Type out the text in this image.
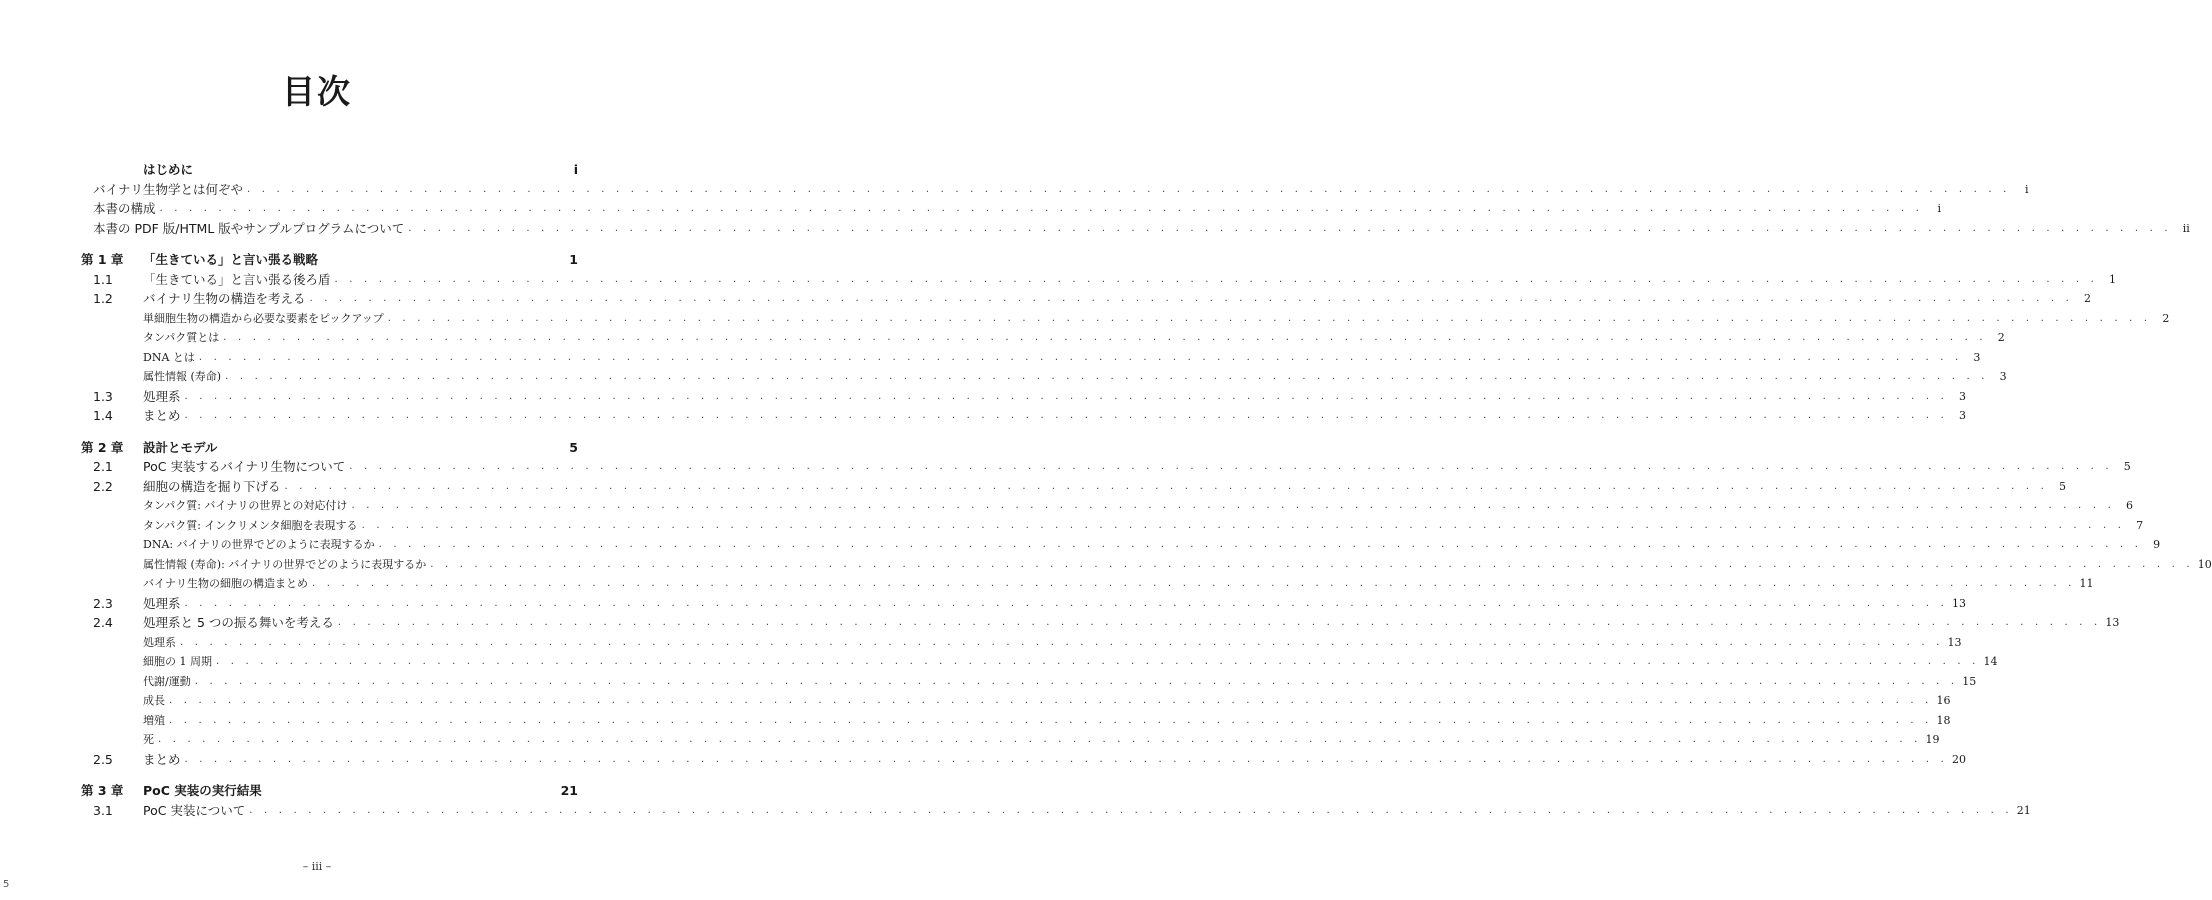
目次
はじめに	i
バイナリ生物学とは何ぞや . . . . . . . . . . . . . . . . . . . . . . . . . . . . . . . . . . . . . . . . . . . . . . . . . . . . . . . . . . . . . . . . . . . . . . . . . . . . . . . . . . . . . . . . . . . . . . . . . . . . . . . . . . . . . . . . . . . . . . . .	i
本書の構成 . . . . . . . . . . . . . . . . . . . . . . . . . . . . . . . . . . . . . . . . . . . . . . . . . . . . . . . . . . . . . . . . . . . . . . . . . . . . . . . . . . . . . . . . . . . . . . . . . . . . . . . . . . . . . . . . . . . . . . . .	i
本書の PDF 版/HTML 版やサンプルプログラムについて . . . . . . . . . . . . . . . . . . . . . . . . . . . . . . . . . . . . . . . . . . . . . . . . . . . . . . . . . . . . . . . . . . . . . . . . . . . . . . . . . . . . . . . . . . . . . . . . . . . . . . . . . . . . . . . . . . . . . . . . ii
第 1 章	「生きている」と言い張る戦略	1
1.1	「生きている」と言い張る後ろ盾 . . . . . . . . . . . . . . . . . . . . . . . . . . . . . . . . . . . . . . . . . . . . . . . . . . . . . . . . . . . . . . . . . . . . . . . . . . . . . . . . . . . . . . . . . . . . . . . . . . . . . . . . . . . . . . . . . . . . . . . .	1
1.2	バイナリ生物の構造を考える . . . . . . . . . . . . . . . . . . . . . . . . . . . . . . . . . . . . . . . . . . . . . . . . . . . . . . . . . . . . . . . . . . . . . . . . . . . . . . . . . . . . . . . . . . . . . . . . . . . . . . . . . . . . . . . . . . . . . . . .	2
単細胞生物の構造から必要な要素をピックアップ . . . . . . . . . . . . . . . . . . . . . . . . . . . . . . . . . . . . . . . . . . . . . . . . . . . . . . . . . . . . . . . . . . . . . . . . . . . . . . . . . . . . . . . . . . . . . . . . . . . . . . . . . . . . . . . . . . . . . . . .	2
タンパク質とは . . . . . . . . . . . . . . . . . . . . . . . . . . . . . . . . . . . . . . . . . . . . . . . . . . . . . . . . . . . . . . . . . . . . . . . . . . . . . . . . . . . . . . . . . . . . . . . . . . . . . . . . . . . . . . . . . . . . . . . .	2
DNA とは . . . . . . . . . . . . . . . . . . . . . . . . . . . . . . . . . . . . . . . . . . . . . . . . . . . . . . . . . . . . . . . . . . . . . . . . . . . . . . . . . . . . . . . . . . . . . . . . . . . . . . . . . . . . . . . . . . . . . . . .	3
属性情報 (寿命) . . . . . . . . . . . . . . . . . . . . . . . . . . . . . . . . . . . . . . . . . . . . . . . . . . . . . . . . . . . . . . . . . . . . . . . . . . . . . . . . . . . . . . . . . . . . . . . . . . . . . . . . . . . . . . . . . . . . . . . .	3
1.3	処理系 . . . . . . . . . . . . . . . . . . . . . . . . . . . . . . . . . . . . . . . . . . . . . . . . . . . . . . . . . . . . . . . . . . . . . . . . . . . . . . . . . . . . . . . . . . . . . . . . . . . . . . . . . . . . . . . . . . . . . . . .	3
1.4	まとめ . . . . . . . . . . . . . . . . . . . . . . . . . . . . . . . . . . . . . . . . . . . . . . . . . . . . . . . . . . . . . . . . . . . . . . . . . . . . . . . . . . . . . . . . . . . . . . . . . . . . . . . . . . . . . . . . . . . . . . . .	3
第 2 章	設計とモデル	5
2.1	PoC 実装するバイナリ生物について . . . . . . . . . . . . . . . . . . . . . . . . . . . . . . . . . . . . . . . . . . . . . . . . . . . . . . . . . . . . . . . . . . . . . . . . . . . . . . . . . . . . . . . . . . . . . . . . . . . . . . . . . . . . . . . . . . . . . . . .	5
2.2	細胞の構造を掘り下げる . . . . . . . . . . . . . . . . . . . . . . . . . . . . . . . . . . . . . . . . . . . . . . . . . . . . . . . . . . . . . . . . . . . . . . . . . . . . . . . . . . . . . . . . . . . . . . . . . . . . . . . . . . . . . . . . . . . . . . . .	5
タンパク質: バイナリの世界との対応付け . . . . . . . . . . . . . . . . . . . . . . . . . . . . . . . . . . . . . . . . . . . . . . . . . . . . . . . . . . . . . . . . . . . . . . . . . . . . . . . . . . . . . . . . . . . . . . . . . . . . . . . . . . . . . . . . . . . . . . . .	6
タンパク質: インクリメンタ細胞を表現する . . . . . . . . . . . . . . . . . . . . . . . . . . . . . . . . . . . . . . . . . . . . . . . . . . . . . . . . . . . . . . . . . . . . . . . . . . . . . . . . . . . . . . . . . . . . . . . . . . . . . . . . . . . . . . . . . . . . . . . .	7
DNA: バイナリの世界でどのように表現するか . . . . . . . . . . . . . . . . . . . . . . . . . . . . . . . . . . . . . . . . . . . . . . . . . . . . . . . . . . . . . . . . . . . . . . . . . . . . . . . . . . . . . . . . . . . . . . . . . . . . . . . . . . . . . . . . . . . . . . . .	9
属性情報 (寿命): バイナリの世界でどのように表現するか . . . . . . . . . . . . . . . . . . . . . . . . . . . . . . . . . . . . . . . . . . . . . . . . . . . . . . . . . . . . . . . . . . . . . . . . . . . . . . . . . . . . . . . . . . . . . . . . . . . . . . . . . . . . . . . . . . . . . . . . 10
バイナリ生物の細胞の構造まとめ . . . . . . . . . . . . . . . . . . . . . . . . . . . . . . . . . . . . . . . . . . . . . . . . . . . . . . . . . . . . . . . . . . . . . . . . . . . . . . . . . . . . . . . . . . . . . . . . . . . . . . . . . . . . . . . . . . . . . . . . 11
2.3	処理系 . . . . . . . . . . . . . . . . . . . . . . . . . . . . . . . . . . . . . . . . . . . . . . . . . . . . . . . . . . . . . . . . . . . . . . . . . . . . . . . . . . . . . . . . . . . . . . . . . . . . . . . . . . . . . . . . . . . . . . . . 13
2.4	処理系と 5 つの振る舞いを考える . . . . . . . . . . . . . . . . . . . . . . . . . . . . . . . . . . . . . . . . . . . . . . . . . . . . . . . . . . . . . . . . . . . . . . . . . . . . . . . . . . . . . . . . . . . . . . . . . . . . . . . . . . . . . . . . . . . . . . . . 13
処理系 . . . . . . . . . . . . . . . . . . . . . . . . . . . . . . . . . . . . . . . . . . . . . . . . . . . . . . . . . . . . . . . . . . . . . . . . . . . . . . . . . . . . . . . . . . . . . . . . . . . . . . . . . . . . . . . . . . . . . . . . 13
細胞の 1 周期 . . . . . . . . . . . . . . . . . . . . . . . . . . . . . . . . . . . . . . . . . . . . . . . . . . . . . . . . . . . . . . . . . . . . . . . . . . . . . . . . . . . . . . . . . . . . . . . . . . . . . . . . . . . . . . . . . . . . . . . . 14
代謝/運動 . . . . . . . . . . . . . . . . . . . . . . . . . . . . . . . . . . . . . . . . . . . . . . . . . . . . . . . . . . . . . . . . . . . . . . . . . . . . . . . . . . . . . . . . . . . . . . . . . . . . . . . . . . . . . . . . . . . . . . . . 15
成長 . . . . . . . . . . . . . . . . . . . . . . . . . . . . . . . . . . . . . . . . . . . . . . . . . . . . . . . . . . . . . . . . . . . . . . . . . . . . . . . . . . . . . . . . . . . . . . . . . . . . . . . . . . . . . . . . . . . . . . . . 16
増殖 . . . . . . . . . . . . . . . . . . . . . . . . . . . . . . . . . . . . . . . . . . . . . . . . . . . . . . . . . . . . . . . . . . . . . . . . . . . . . . . . . . . . . . . . . . . . . . . . . . . . . . . . . . . . . . . . . . . . . . . . 18
死 . . . . . . . . . . . . . . . . . . . . . . . . . . . . . . . . . . . . . . . . . . . . . . . . . . . . . . . . . . . . . . . . . . . . . . . . . . . . . . . . . . . . . . . . . . . . . . . . . . . . . . . . . . . . . . . . . . . . . . . . 19
2.5	まとめ . . . . . . . . . . . . . . . . . . . . . . . . . . . . . . . . . . . . . . . . . . . . . . . . . . . . . . . . . . . . . . . . . . . . . . . . . . . . . . . . . . . . . . . . . . . . . . . . . . . . . . . . . . . . . . . . . . . . . . . . 20
第 3 章	PoC 実装の実行結果	21
3.1	PoC 実装について . . . . . . . . . . . . . . . . . . . . . . . . . . . . . . . . . . . . . . . . . . . . . . . . . . . . . . . . . . . . . . . . . . . . . . . . . . . . . . . . . . . . . . . . . . . . . . . . . . . . . . . . . . . . . . . . . . . . . . . . 21
– iii –
5
